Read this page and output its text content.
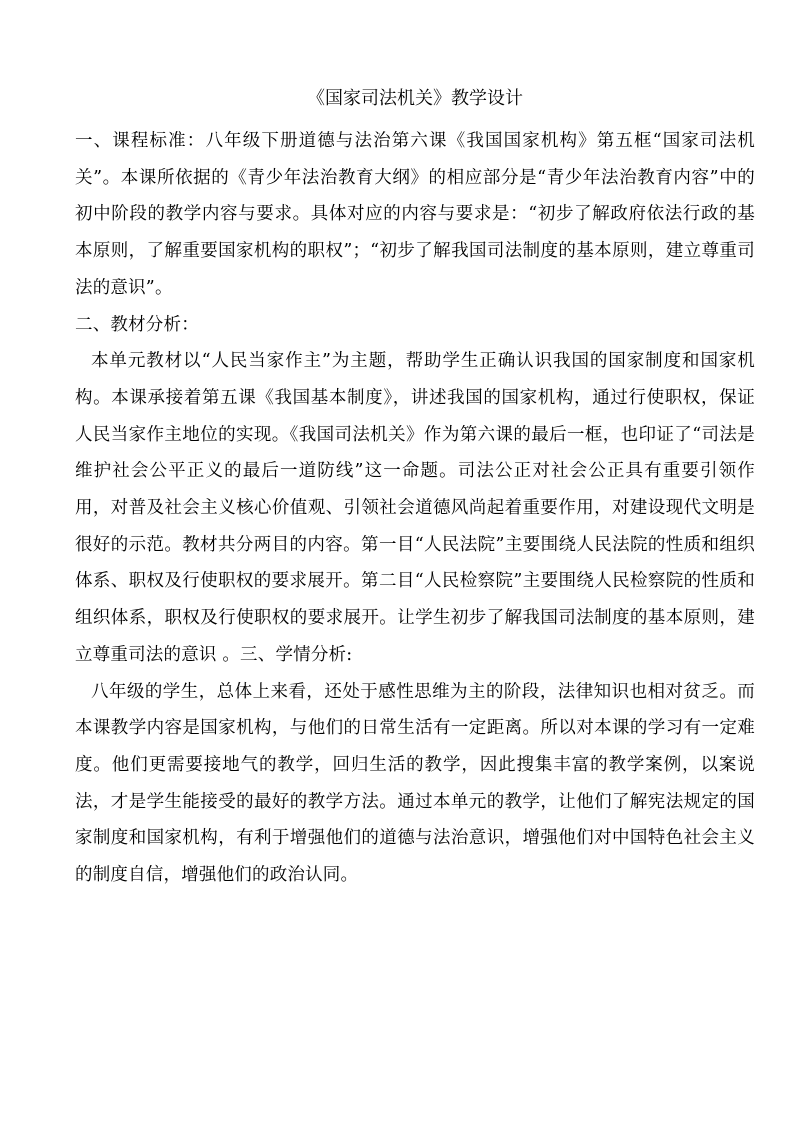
《国家司法机关》教学设计

一、课程标准：八年级下册道德与法治第六课《我国国家机构》第五框“国家司法机关”。本课所依据的《青少年法治教育大纲》的相应部分是“青少年法治教育内容”中的初中阶段的教学内容与要求。具体对应的内容与要求是：“初步了解政府依法行政的基本原则，了解重要国家机构的职权”；“初步了解我国司法制度的基本原则，建立尊重司法的意识”。

二、教材分析：

本单元教材以“人民当家作主”为主题，帮助学生正确认识我国的国家制度和国家机构。本课承接着第五课《我国基本制度》，讲述我国的国家机构，通过行使职权，保证人民当家作主地位的实现。《我国司法机关》作为第六课的最后一框，也印证了“司法是维护社会公平正义的最后一道防线”这一命题。司法公正对社会公正具有重要引领作用，对普及社会主义核心价值观、引领社会道德风尚起着重要作用，对建设现代文明是很好的示范。教材共分两目的内容。第一目“人民法院”主要围绕人民法院的性质和组织体系、职权及行使职权的要求展开。第二目“人民检察院”主要围绕人民检察院的性质和组织体系，职权及行使职权的要求展开。让学生初步了解我国司法制度的基本原则，建立尊重司法的意识 。三、学情分析:

八年级的学生，总体上来看，还处于感性思维为主的阶段，法律知识也相对贫乏。而本课教学内容是国家机构，与他们的日常生活有一定距离。所以对本课的学习有一定难度。他们更需要接地气的教学，回归生活的教学，因此搜集丰富的教学案例，以案说法，才是学生能接受的最好的教学方法。通过本单元的教学，让他们了解宪法规定的国家制度和国家机构，有利于增强他们的道德与法治意识，增强他们对中国特色社会主义的制度自信，增强他们的政治认同。
